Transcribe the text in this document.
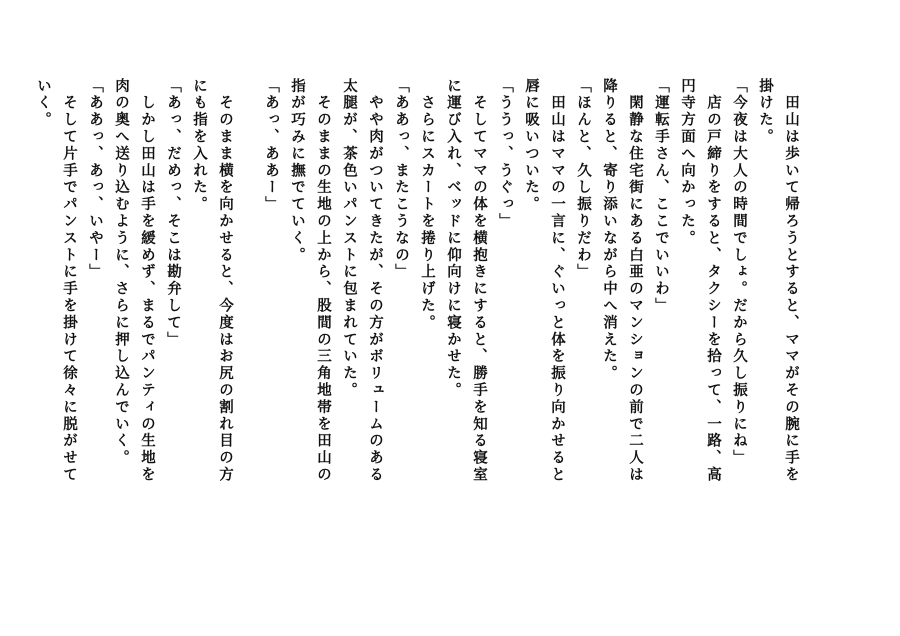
　田山は歩いて帰ろうとすると、ママがその腕に手を
掛けた。
「今夜は大人の時間でしょ。だから久し振りにね」
　店の戸締りをすると、タクシーを拾って、一路、高
円寺方面へ向かった。
「運転手さん、ここでいいわ」
　閑静な住宅街にある白亜のマンションの前で二人は
降りると、寄り添いながら中へ消えた。
「ほんと、久し振りだわ」
　田山はママの一言に、ぐいっと体を振り向かせると
唇に吸いついた。
「ううっ、うぐっ」
　そしてママの体を横抱きにすると、勝手を知る寝室
に運び入れ、ベッドに仰向けに寝かせた。
　さらにスカートを捲り上げた。
「ああっ、またこうなの」
　やや肉がついてきたが、その方がボリュームのある
太腿が、茶色いパンストに包まれていた。
　そのままの生地の上から、股間の三角地帯を田山の
指が巧みに撫でていく。
「あっ、ああー」
　そのまま横を向かせると、今度はお尻の割れ目の方
にも指を入れた。
「あっ、だめっ、そこは勘弁して」
　しかし田山は手を緩めず、まるでパンティの生地を
肉の奥へ送り込むように、さらに押し込んでいく。
「ああっ、あっ、いやー」
　そして片手でパンストに手を掛けて徐々に脱がせて
いく。
